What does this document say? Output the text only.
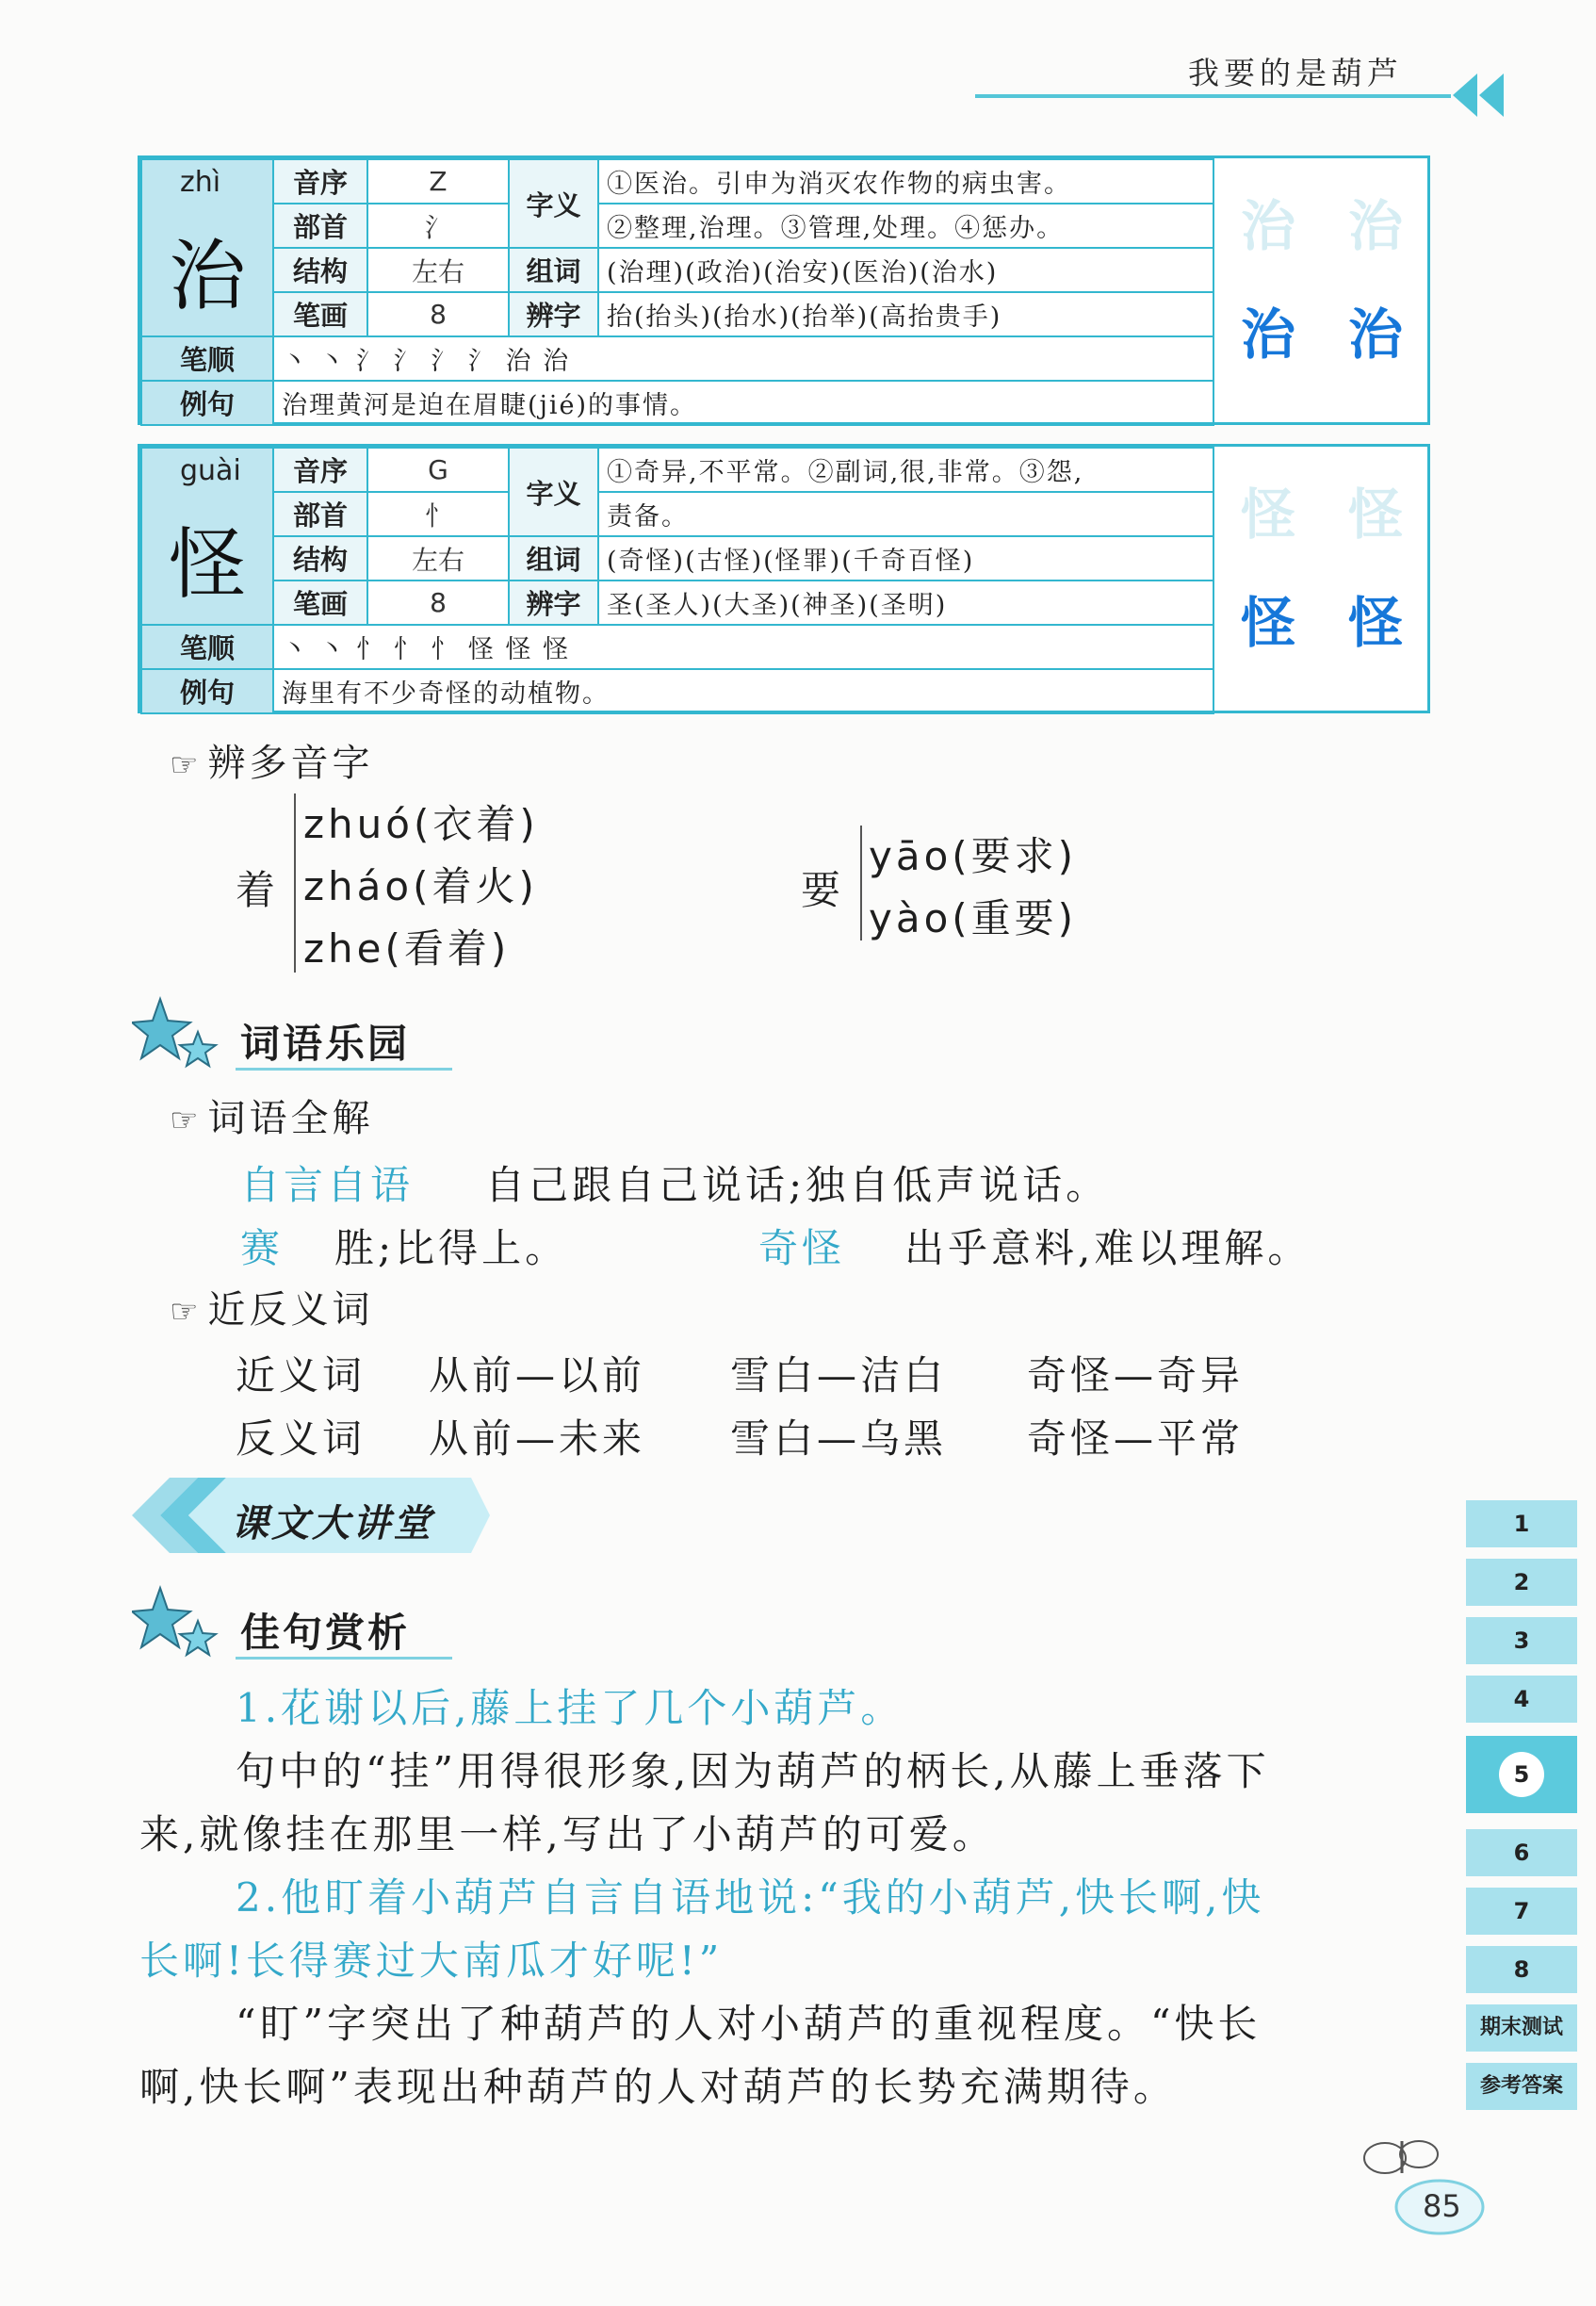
我要的是葫芦
zhì	音序	Z	字义	①医治。引申为消灭农作物的病虫害。
治	部首	氵		②整理,治理。③管理,处理。④惩办。
	结构	左右	组词	(治理)(政治)(治安)(医治)(治水)
	笔画	8	辨字	抬(抬头)(抬水)(抬举)(高抬贵手)
笔顺	丶 丶 氵 氵 氵 氵 治 治			
例句	治理黄河是迫在眉睫(jié)的事情。			
治 治
治 治
guài	音序	G	字义	①奇异,不平常。②副词,很,非常。③怨,
怪	部首	忄		责备。
	结构	左右	组词	(奇怪)(古怪)(怪罪)(千奇百怪)
	笔画	8	辨字	圣(圣人)(大圣)(神圣)(圣明)
笔顺	丶 丶 忄 忄 忄 怪 怪 怪			
例句	海里有不少奇怪的动植物。			
怪 怪
怪 怪
☞ 辨多音字
着
zhuó(衣着)
zháo(着火)
zhe(看着)
要
yāo(要求)
yào(重要)
词语乐园
☞ 词语全解
自言自语 自己跟自己说话;独自低声说话。
赛 胜;比得上。	奇怪 出乎意料,难以理解。
☞ 近反义词
近义词 从前—以前 雪白—洁白 奇怪—奇异
反义词 从前—未来 雪白—乌黑 奇怪—平常
课文大讲堂
佳句赏析
1.花谢以后,藤上挂了几个小葫芦。
句中的“挂”用得很形象,因为葫芦的柄长,从藤上垂落下
来,就像挂在那里一样,写出了小葫芦的可爱。
2.他盯着小葫芦自言自语地说:“我的小葫芦,快长啊,快
长啊!长得赛过大南瓜才好呢!”
“盯”字突出了种葫芦的人对小葫芦的重视程度。“快长
啊,快长啊”表现出种葫芦的人对葫芦的长势充满期待。
1
2
3
4
5
6
7
8
期末测试
参考答案
85
